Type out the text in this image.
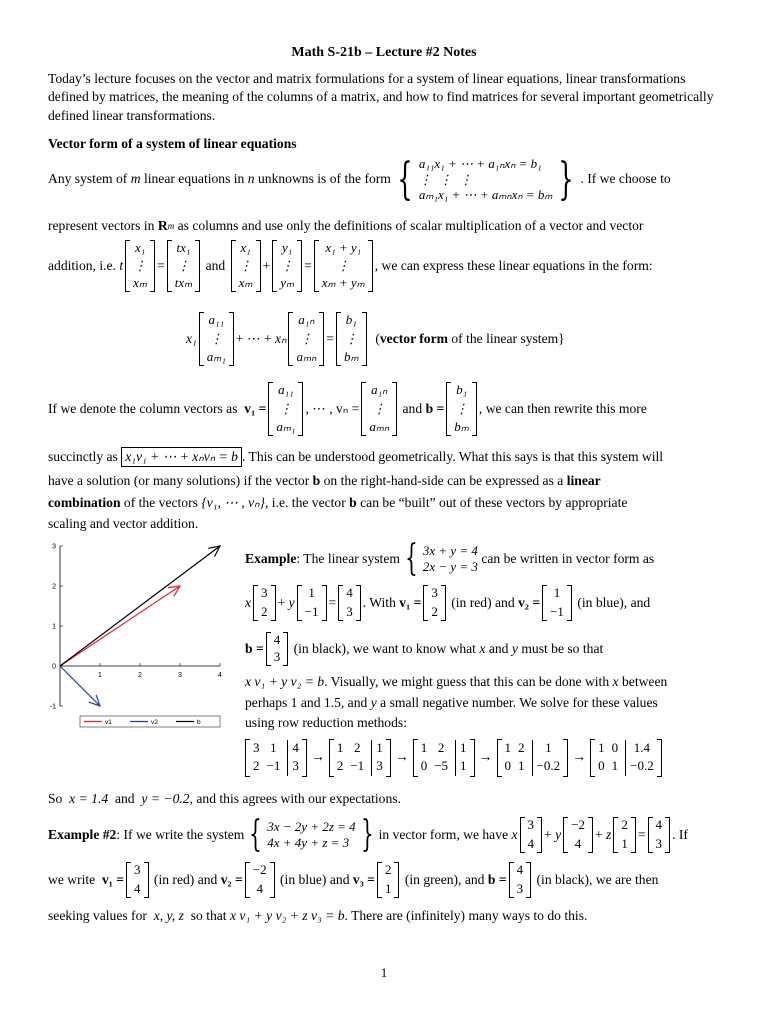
Math S-21b – Lecture #2 Notes
Today’s lecture focuses on the vector and matrix formulations for a system of linear equations, linear transformations defined by matrices, the meaning of the columns of a matrix, and how to find matrices for several important geometrically defined linear transformations.
Vector form of a system of linear equations
Any system of
m
linear equations in
n
unknowns is of the form { a₁₁x₁ + ⋯ + a₁ₙxₙ = b₁
⋮ ⋮ ⋮
aₘ₁x₁ + ⋯ + aₘₙxₙ = bₘ } . If we choose to
represent vectors in
R m
as columns and use only the definitions of scalar multiplication of a vector and vector
addition, i.e.
t
x₁
⋮
xₘ
=
tx₁
⋮
txₘ

and

x₁
⋮
xₘ
+
y₁
⋮
yₘ
=
x₁ + y₁
⋮
xₘ + yₘ
, we can express these linear equations in the form:
x₁
a₁₁
⋮
aₘ₁
+ ⋯ +
xₙ
a₁ₙ
⋮
aₘₙ
=
b₁
⋮
bₘ

( vector form
of the linear system}
If we denote the column vectors as
v₁ =
a₁₁
⋮
aₘ₁
, ⋯ , vₙ =
a₁ₙ
⋮
aₘₙ

and
b =
b₁
⋮
bₘ
, we can then rewrite this more
succinctly as
x₁v₁ + ⋯ + xₙvₙ = b . This can be understood geometrically. What this says is that this system will
have a solution (or many solutions) if the vector
b
on the right-hand-side can be expressed as a
linear
combination
of the vectors
{v₁, ⋯ , vₙ} , i.e. the vector
b
can be “built” out of these vectors by appropriate
scaling and vector addition.
1	2	3	4
-1
0
1
2
3
v1	v2	b
Example : The linear system { 3x + y = 4
2x − y = 3

can be written in vector form as
x
3
2
+
y
1
−1
=
4
3
. With
v₁ =
3
2

(in red) and
v₂ =
1
−1

(in blue), and
b =
4
3

(in black), we want to know what
x
and
y
must be so that
x v₁ + y v₂ = b . Visually, we might guess that this can be done with
x
between
perhaps 1 and 1.5, and
y
a small negative number. We solve for these values
using row reduction methods:
3 1	4
2 −1 3
→
1 2	1
2 −1 3
→
1 2	1
0 −5 1
→
1 2	1
0 1 −0.2
→
1 0	1.4
0 1 −0.2
So
x = 1.4
and
y = −0.2 , and this agrees with our expectations.
Example #2 : If we write the system { 3x − 2y + 2z = 4
4x + 4y + z = 3 } in vector form, we have
x
3
4
+
y
−2
4
+
z
2
1
=
4
3
. If
we write
v₁ =
3
4

(in red) and
v₂ =
−2
4

(in blue) and
v₃ =
2
1

(in green), and
b =
4
3

(in black), we are then
seeking values for
x, y, z
so that
x v₁ + y v₂ + z v₃ = b . There are (infinitely) many ways to do this.
1
